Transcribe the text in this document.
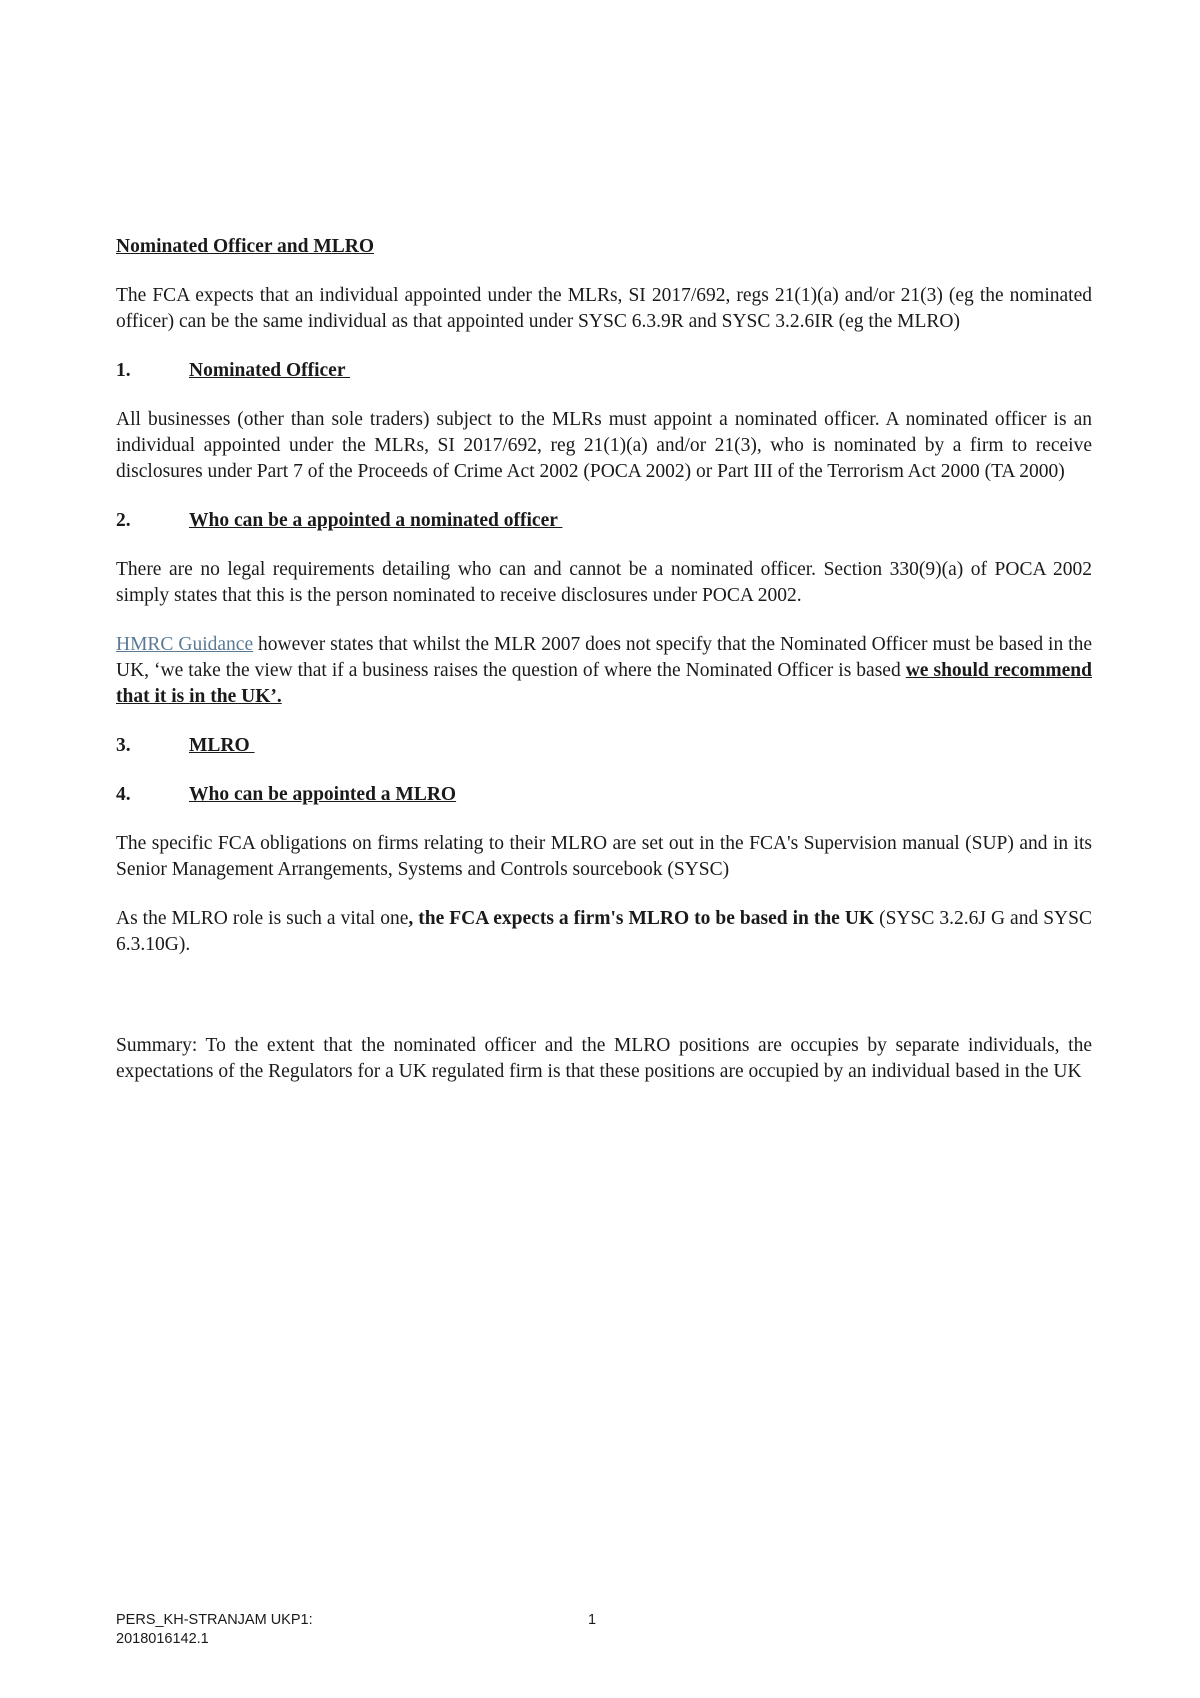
Nominated Officer and MLRO

The FCA expects that an individual appointed under the MLRs, SI 2017/692, regs 21(1)(a) and/or 21(3) (eg the nominated officer) can be the same individual as that appointed under SYSC 6.3.9R and SYSC 3.2.6IR (eg the MLRO)

1.	Nominated Officer

All businesses (other than sole traders) subject to the MLRs must appoint a nominated officer. A nominated officer is an individual appointed under the MLRs, SI 2017/692, reg 21(1)(a) and/or 21(3), who is nominated by a firm to receive disclosures under Part 7 of the Proceeds of Crime Act 2002 (POCA 2002) or Part III of the Terrorism Act 2000 (TA 2000)

2.	Who can be a appointed a nominated officer

There are no legal requirements detailing who can and cannot be a nominated officer. Section 330(9)(a) of POCA 2002 simply states that this is the person nominated to receive disclosures under POCA 2002.

HMRC Guidance however states that whilst the MLR 2007 does not specify that the Nominated Officer must be based in the UK, ‘we take the view that if a business raises the question of where the Nominated Officer is based we should recommend that it is in the UK’.

3.	MLRO
4.	Who can be appointed a MLRO

The specific FCA obligations on firms relating to their MLRO are set out in the FCA's Supervision manual (SUP) and in its Senior Management Arrangements, Systems and Controls sourcebook (SYSC)

As the MLRO role is such a vital one, the FCA expects a firm's MLRO to be based in the UK (SYSC 3.2.6J G and SYSC 6.3.10G).

Summary: To the extent that the nominated officer and the MLRO positions are occupies by separate individuals, the expectations of the Regulators for a UK regulated firm is that these positions are occupied by an individual based in the UK

PERS_KH-STRANJAM UKP1:
2018016142.1
1
